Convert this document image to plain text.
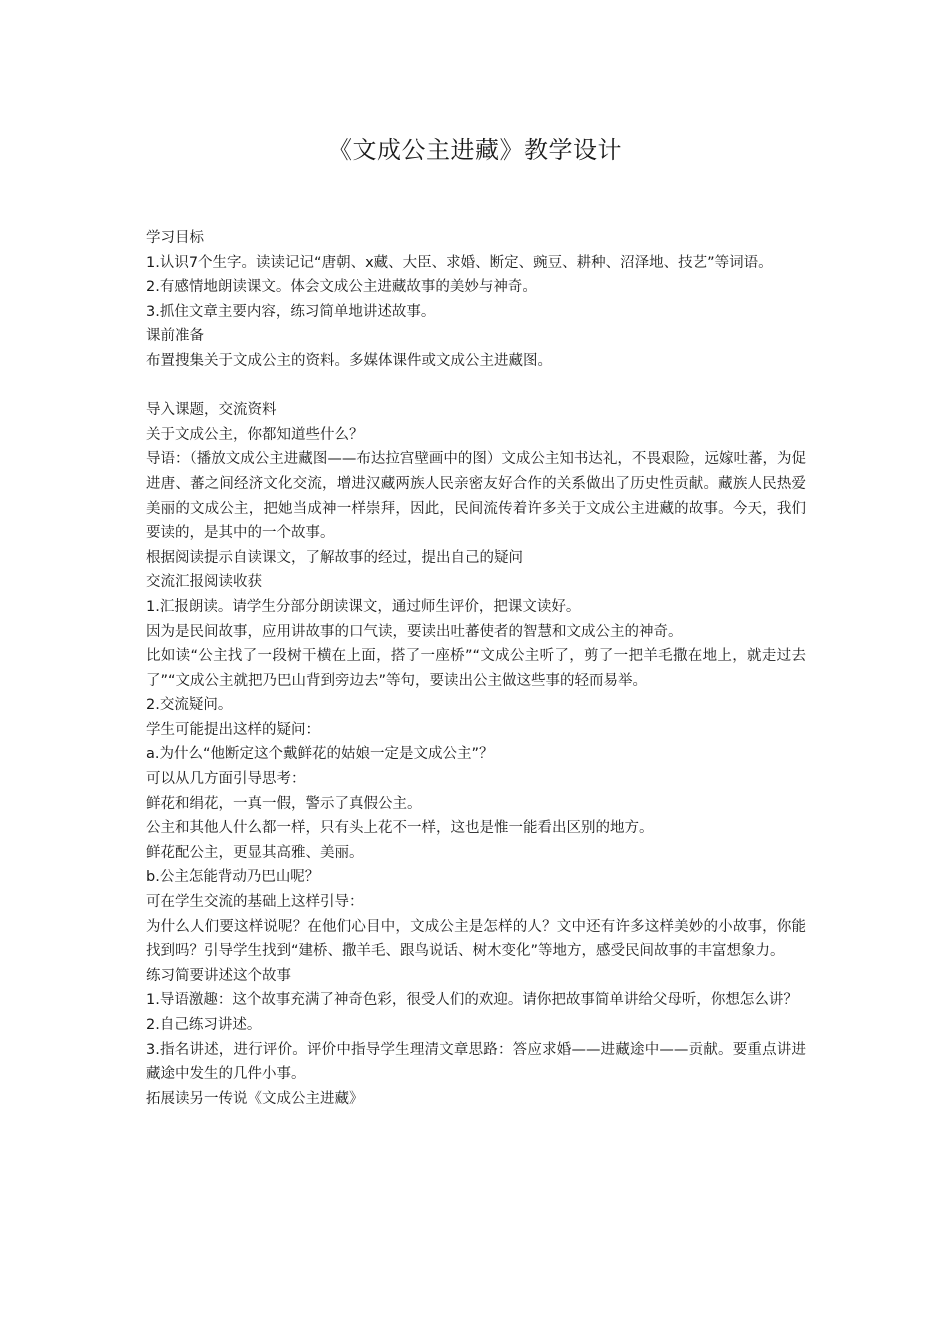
《文成公主进藏》教学设计

学习目标

1.认识7个生字。读读记记“唐朝、x藏、大臣、求婚、断定、豌豆、耕种、沼泽地、技艺”等词语。

2.有感情地朗读课文。体会文成公主进藏故事的美妙与神奇。

3.抓住文章主要内容，练习简单地讲述故事。

课前准备

布置搜集关于文成公主的资料。多媒体课件或文成公主进藏图。

导入课题，交流资料

关于文成公主，你都知道些什么？

导语：（播放文成公主进藏图——布达拉宫壁画中的图）文成公主知书达礼，不畏艰险，远嫁吐蕃，为促进唐、蕃之间经济文化交流，增进汉藏两族人民亲密友好合作的关系做出了历史性贡献。藏族人民热爱美丽的文成公主，把她当成神一样崇拜，因此，民间流传着许多关于文成公主进藏的故事。今天，我们要读的，是其中的一个故事。

根据阅读提示自读课文，了解故事的经过，提出自己的疑问

交流汇报阅读收获

1.汇报朗读。请学生分部分朗读课文，通过师生评价，把课文读好。

因为是民间故事，应用讲故事的口气读，要读出吐蕃使者的智慧和文成公主的神奇。

比如读“公主找了一段树干横在上面，搭了一座桥”“文成公主听了，剪了一把羊毛撒在地上，就走过去了”“文成公主就把乃巴山背到旁边去”等句，要读出公主做这些事的轻而易举。

2.交流疑问。

学生可能提出这样的疑问：

a.为什么“他断定这个戴鲜花的姑娘一定是文成公主”？

可以从几方面引导思考：

鲜花和绢花，一真一假，警示了真假公主。

公主和其他人什么都一样，只有头上花不一样，这也是惟一能看出区别的地方。

鲜花配公主，更显其高雅、美丽。

b.公主怎能背动乃巴山呢？

可在学生交流的基础上这样引导：

为什么人们要这样说呢？在他们心目中，文成公主是怎样的人？文中还有许多这样美妙的小故事，你能找到吗？引导学生找到“建桥、撒羊毛、跟鸟说话、树木变化”等地方，感受民间故事的丰富想象力。

练习简要讲述这个故事

1.导语激趣：这个故事充满了神奇色彩，很受人们的欢迎。请你把故事简单讲给父母听，你想怎么讲？

2.自己练习讲述。

3.指名讲述，进行评价。评价中指导学生理清文章思路：答应求婚——进藏途中——贡献。要重点讲进藏途中发生的几件小事。

拓展读另一传说《文成公主进藏》
